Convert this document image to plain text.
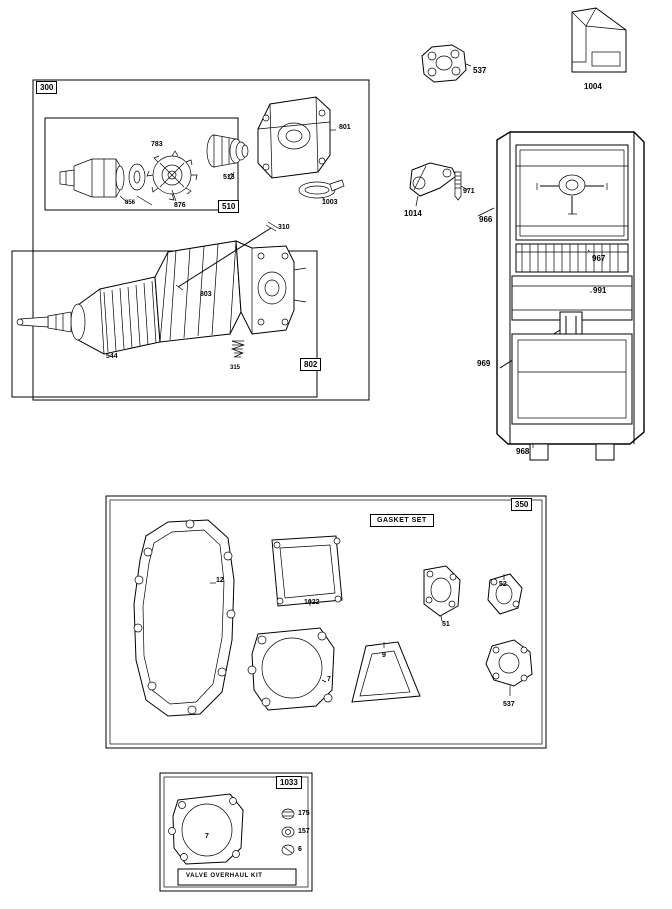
300
510
802
350
1033
GASKET SET
VALVE OVERHAUL KIT
537
1004
801
783
513
971
966
1003
1014
856	876
310
967
991
803
544
969
315
968
12
1022
52
51
7
9
537
7
175
157
6
